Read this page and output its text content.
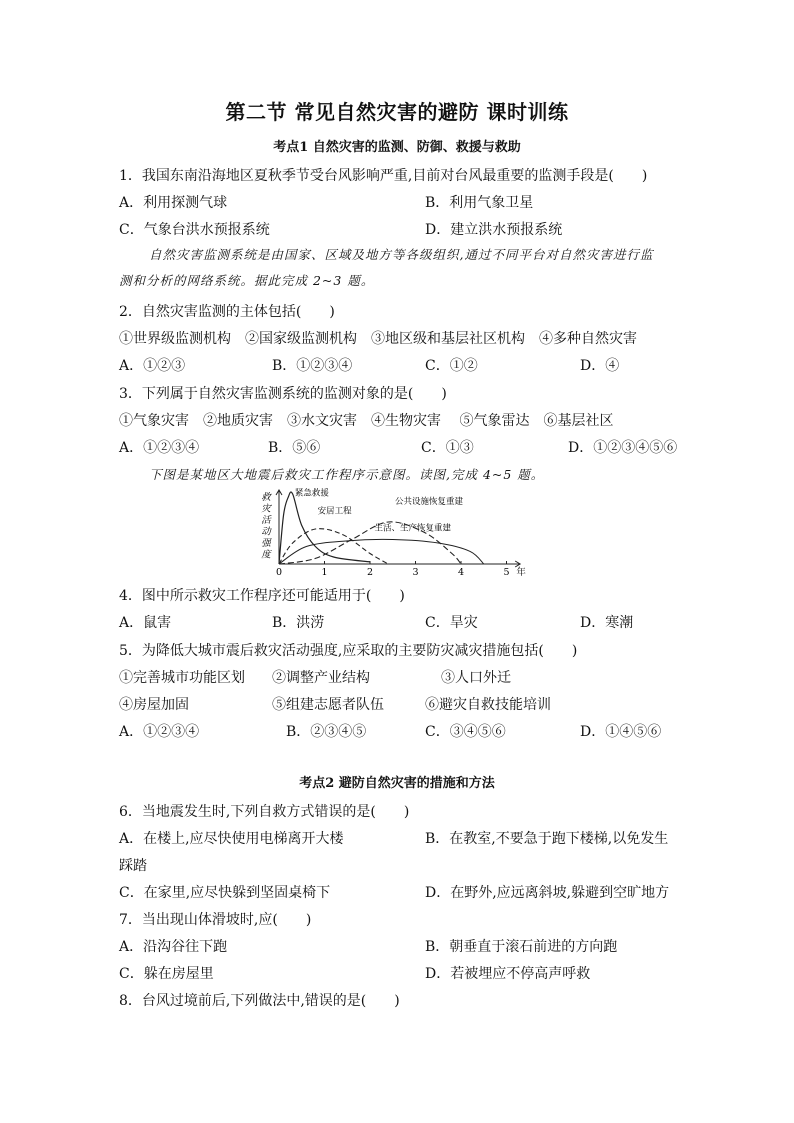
第二节 常见自然灾害的避防 课时训练
考点1 自然灾害的监测、防御、救援与救助
1．我国东南沿海地区夏秋季节受台风影响严重,目前对台风最重要的监测手段是(　　)
A．利用探测气球	B．利用气象卫星
C．气象台洪水预报系统	D．建立洪水预报系统
自然灾害监测系统是由国家、区域及地方等各级组织,通过不同平台对自然灾害进行监
测和分析的网络系统。据此完成 2~3 题。
2．自然灾害监测的主体包括(　　)
①世界级监测机构　②国家级监测机构　③地区级和基层社区机构　④多种自然灾害
A．①②③	B．①②③④	C．①②	D．④
3．下列属于自然灾害监测系统的监测对象的是(　　)
①气象灾害　②地质灾害　③水文灾害　④生物灾害　 ⑤气象雷达　⑥基层社区
A．①②③④	B．⑤⑥	C．①③	D．①②③④⑤⑥
下图是某地区大地震后救灾工作程序示意图。读图,完成 4~5 题。
救
灾
活
动
强
度
0	1	2	3	4	5 年
紧急救援
安居工程
公共设施恢复重建
生活、生产恢复重建
4．图中所示救灾工作程序还可能适用于(　　)
A．鼠害	B．洪涝	C．旱灾	D．寒潮
5．为降低大城市震后救灾活动强度,应采取的主要防灾减灾措施包括(　　)
①完善城市功能区划 ②调整产业结构	③人口外迁
④房屋加固	⑤组建志愿者队伍	⑥避灾自救技能培训
A．①②③④	B．②③④⑤	C．③④⑤⑥	D．①④⑤⑥
考点2 避防自然灾害的措施和方法
6．当地震发生时,下列自救方式错误的是(　　)
A．在楼上,应尽快使用电梯离开大楼	B．在教室,不要急于跑下楼梯,以免发生
踩踏
C．在家里,应尽快躲到坚固桌椅下	D．在野外,应远离斜坡,躲避到空旷地方
7．当出现山体滑坡时,应(　　)
A．沿沟谷往下跑	B．朝垂直于滚石前进的方向跑
C．躲在房屋里	D．若被埋应不停高声呼救
8．台风过境前后,下列做法中,错误的是(　　)
